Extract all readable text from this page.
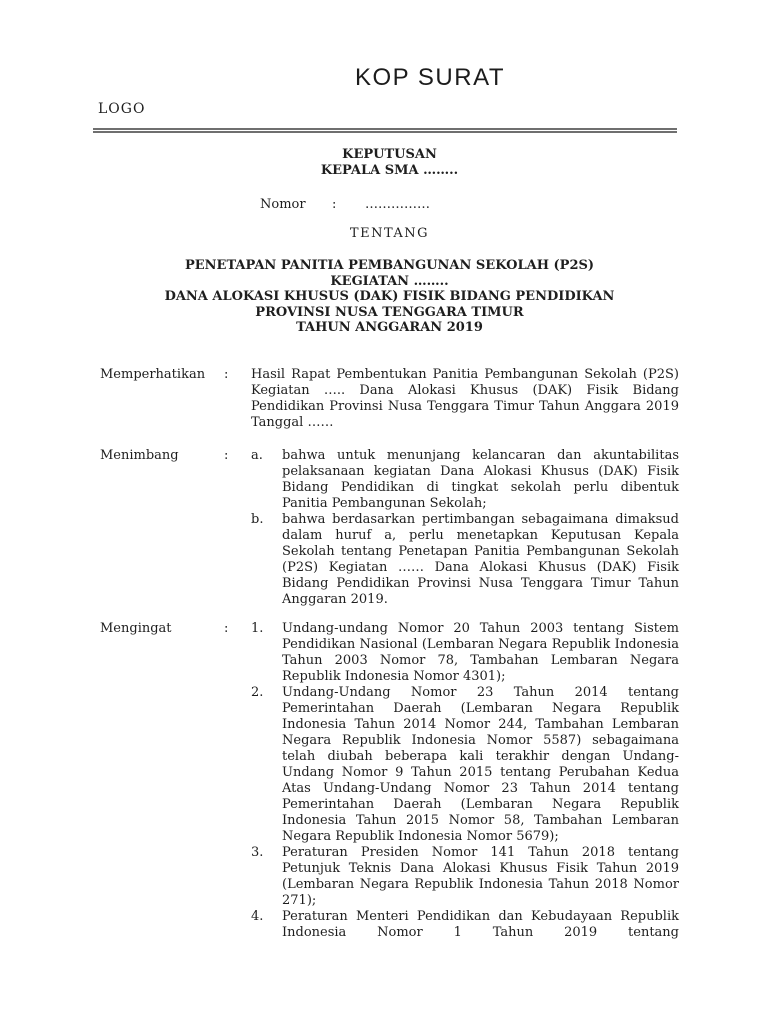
KOP SURAT
LOGO
KEPUTUSAN
KEPALA SMA ……..
Nomor	:	……………
TENTANG
PENETAPAN PANITIA PEMBANGUNAN SEKOLAH (P2S)
KEGIATAN ……..
DANA ALOKASI KHUSUS (DAK) FISIK BIDANG PENDIDIKAN
PROVINSI NUSA TENGGARA TIMUR
TAHUN ANGGARAN 2019
Memperhatikan	:	Hasil Rapat Pembentukan Panitia Pembangunan Sekolah (P2S) Kegiatan ….. Dana Alokasi Khusus (DAK) Fisik Bidang Pendidikan Provinsi Nusa Tenggara Timur Tahun Anggara 2019 Tanggal ……
Menimbang	:	a.	bahwa untuk menunjang kelancaran dan akuntabilitas pelaksanaan kegiatan Dana Alokasi Khusus (DAK) Fisik Bidang Pendidikan di tingkat sekolah perlu dibentuk Panitia Pembangunan Sekolah;
b.	bahwa berdasarkan pertimbangan sebagaimana dimaksud dalam huruf a, perlu menetapkan Keputusan Kepala Sekolah tentang Penetapan Panitia Pembangunan Sekolah (P2S) Kegiatan …… Dana Alokasi Khusus (DAK) Fisik Bidang Pendidikan Provinsi Nusa Tenggara Timur Tahun Anggaran 2019.
Mengingat	:	1.	Undang-undang Nomor 20 Tahun 2003 tentang Sistem Pendidikan Nasional (Lembaran Negara Republik Indonesia Tahun 2003 Nomor 78, Tambahan Lembaran Negara Republik Indonesia Nomor 4301);
2.	Undang-Undang Nomor 23 Tahun 2014 tentang Pemerintahan Daerah (Lembaran Negara Republik Indonesia Tahun 2014 Nomor 244, Tambahan Lembaran Negara Republik Indonesia Nomor 5587) sebagaimana telah diubah beberapa kali terakhir dengan Undang-Undang Nomor 9 Tahun 2015 tentang Perubahan Kedua Atas Undang-Undang Nomor 23 Tahun 2014 tentang Pemerintahan Daerah (Lembaran Negara Republik Indonesia Tahun 2015 Nomor 58, Tambahan Lembaran Negara Republik Indonesia Nomor 5679);
3.	Peraturan Presiden Nomor 141 Tahun 2018 tentang Petunjuk Teknis Dana Alokasi Khusus Fisik Tahun 2019 (Lembaran Negara Republik Indonesia Tahun 2018 Nomor 271);
4.	Peraturan Menteri Pendidikan dan Kebudayaan Republik Indonesia Nomor 1 Tahun 2019 tentang
